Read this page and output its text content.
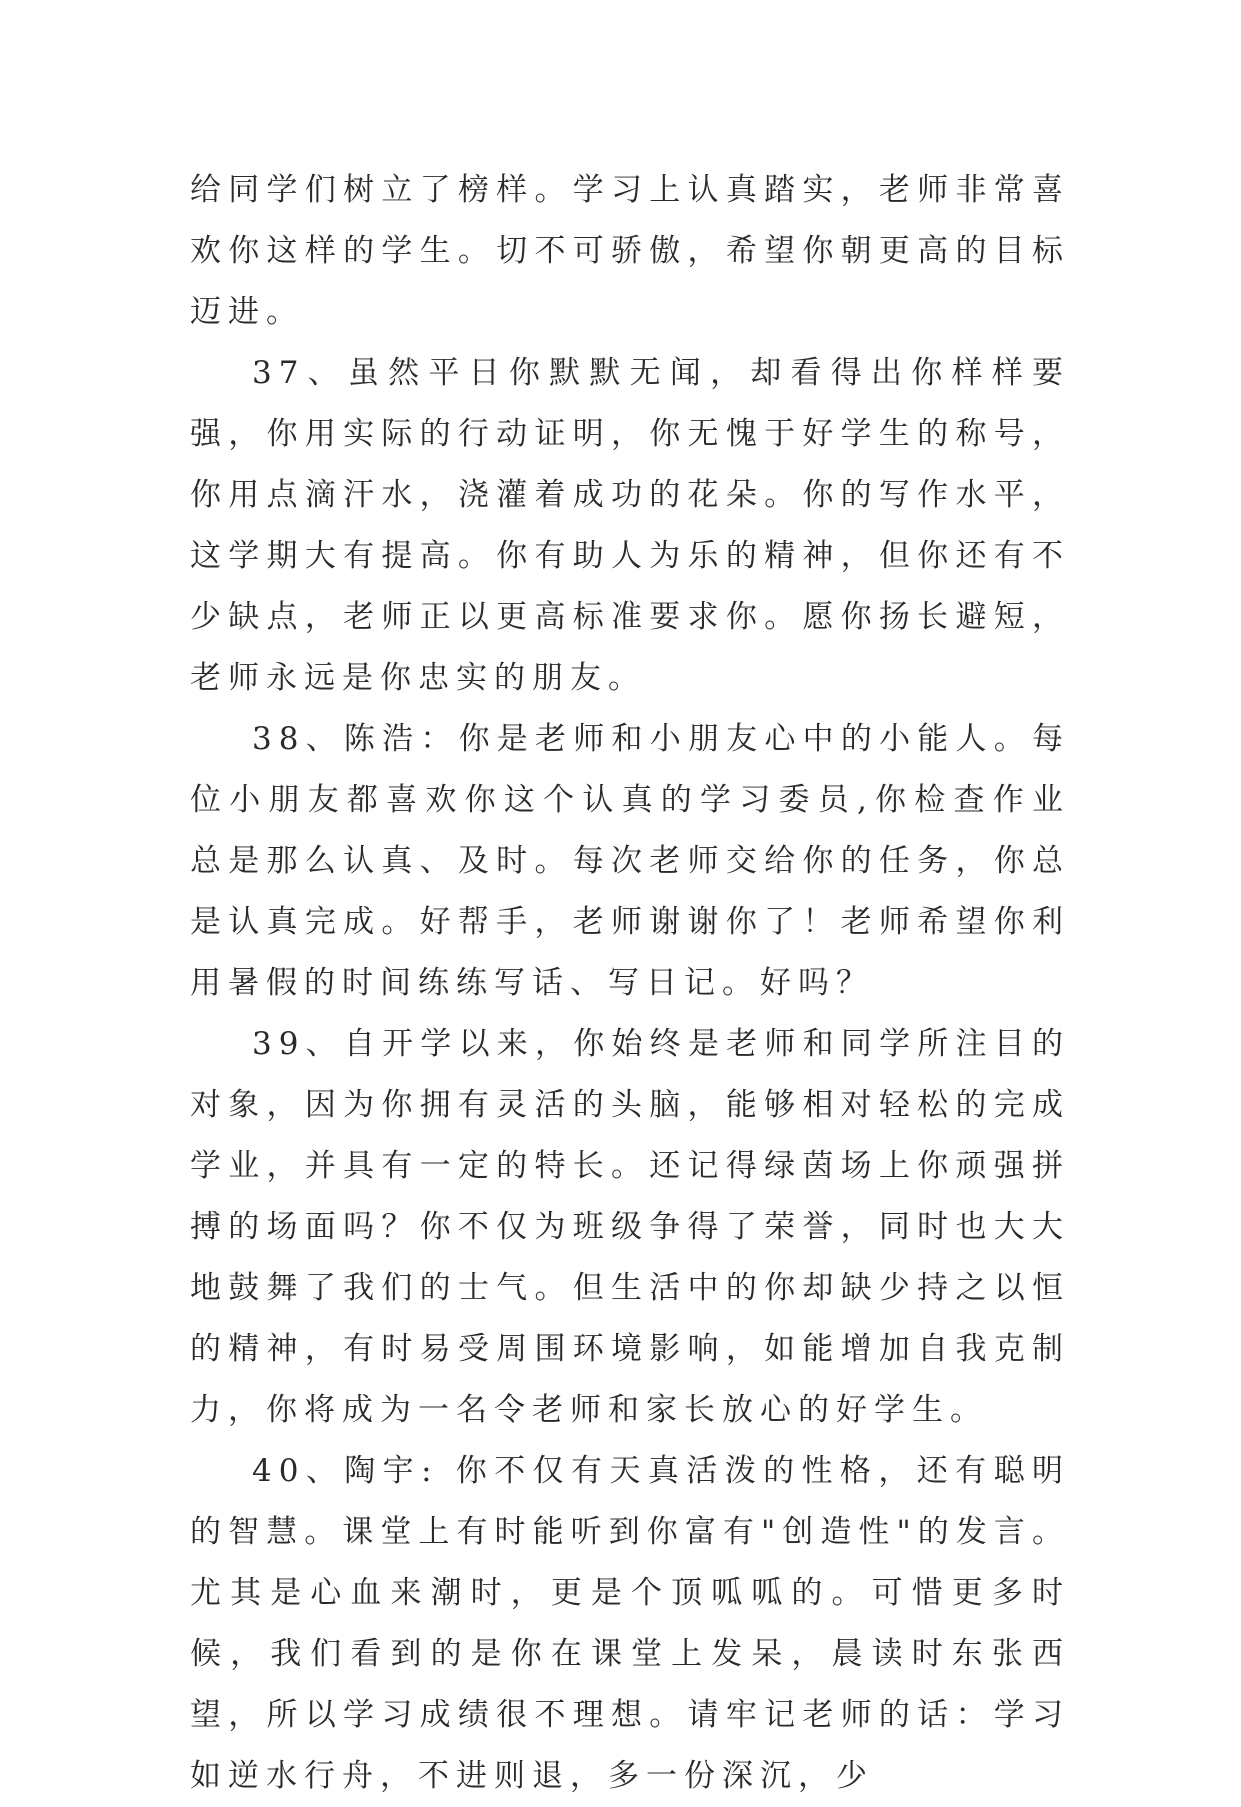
给同学们树立了榜样。学习上认真踏实，老师非常喜欢你这样的学生。切不可骄傲，希望你朝更高的目标迈进。

37、虽然平日你默默无闻，却看得出你样样要强，你用实际的行动证明，你无愧于好学生的称号，你用点滴汗水，浇灌着成功的花朵。你的写作水平，这学期大有提高。你有助人为乐的精神，但你还有不少缺点，老师正以更高标准要求你。愿你扬长避短，老师永远是你忠实的朋友。

38、陈浩：你是老师和小朋友心中的小能人。每位小朋友都喜欢你这个认真的学习委员,你检查作业总是那么认真、及时。每次老师交给你的任务，你总是认真完成。好帮手，老师谢谢你了！老师希望你利用暑假的时间练练写话、写日记。好吗？

39、自开学以来，你始终是老师和同学所注目的对象，因为你拥有灵活的头脑，能够相对轻松的完成学业，并具有一定的特长。还记得绿茵场上你顽强拼搏的场面吗？你不仅为班级争得了荣誉，同时也大大地鼓舞了我们的士气。但生活中的你却缺少持之以恒的精神，有时易受周围环境影响，如能增加自我克制力，你将成为一名令老师和家长放心的好学生。

40、陶宇: 你不仅有天真活泼的性格，还有聪明的智慧。课堂上有时能听到你富有"创造性"的发言。尤其是心血来潮时，更是个顶呱呱的。可惜更多时候，我们看到的是你在课堂上发呆，晨读时东张西望，所以学习成绩很不理想。请牢记老师的话：学习如逆水行舟，不进则退，多一份深沉，少
